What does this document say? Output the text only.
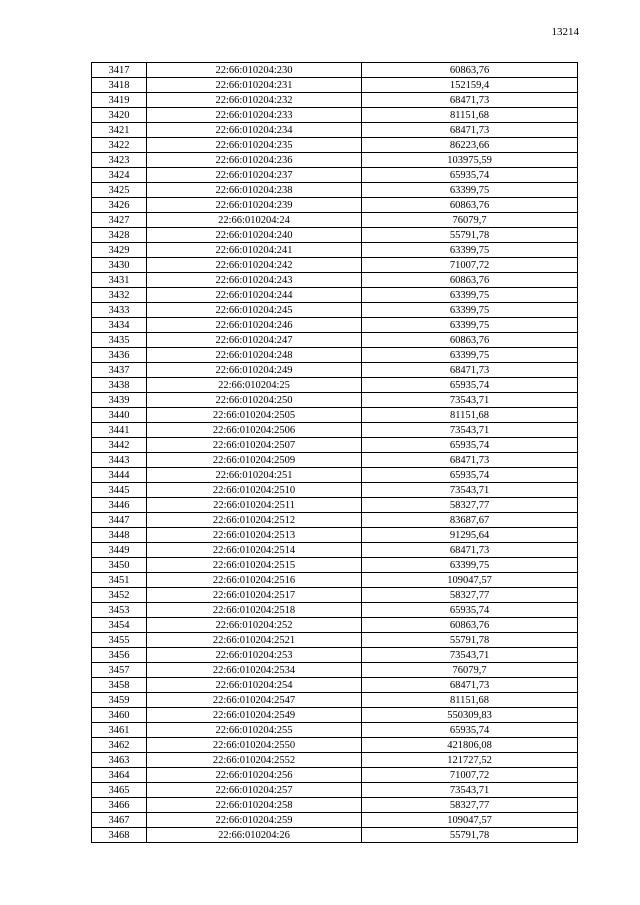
13214
3417	22:66:010204:230	60863,76
3418	22:66:010204:231	152159,4
3419	22:66:010204:232	68471,73
3420	22:66:010204:233	81151,68
3421	22:66:010204:234	68471,73
3422	22:66:010204:235	86223,66
3423	22:66:010204:236	103975,59
3424	22:66:010204:237	65935,74
3425	22:66:010204:238	63399,75
3426	22:66:010204:239	60863,76
3427	22:66:010204:24	76079,7
3428	22:66:010204:240	55791,78
3429	22:66:010204:241	63399,75
3430	22:66:010204:242	71007,72
3431	22:66:010204:243	60863,76
3432	22:66:010204:244	63399,75
3433	22:66:010204:245	63399,75
3434	22:66:010204:246	63399,75
3435	22:66:010204:247	60863,76
3436	22:66:010204:248	63399,75
3437	22:66:010204:249	68471,73
3438	22:66:010204:25	65935,74
3439	22:66:010204:250	73543,71
3440	22:66:010204:2505	81151,68
3441	22:66:010204:2506	73543,71
3442	22:66:010204:2507	65935,74
3443	22:66:010204:2509	68471,73
3444	22:66:010204:251	65935,74
3445	22:66:010204:2510	73543,71
3446	22:66:010204:2511	58327,77
3447	22:66:010204:2512	83687,67
3448	22:66:010204:2513	91295,64
3449	22:66:010204:2514	68471,73
3450	22:66:010204:2515	63399,75
3451	22:66:010204:2516	109047,57
3452	22:66:010204:2517	58327,77
3453	22:66:010204:2518	65935,74
3454	22:66:010204:252	60863,76
3455	22:66:010204:2521	55791,78
3456	22:66:010204:253	73543,71
3457	22:66:010204:2534	76079,7
3458	22:66:010204:254	68471,73
3459	22:66:010204:2547	81151,68
3460	22:66:010204:2549	550309,83
3461	22:66:010204:255	65935,74
3462	22:66:010204:2550	421806,08
3463	22:66:010204:2552	121727,52
3464	22:66:010204:256	71007,72
3465	22:66:010204:257	73543,71
3466	22:66:010204:258	58327,77
3467	22:66:010204:259	109047,57
3468	22:66:010204:26	55791,78
